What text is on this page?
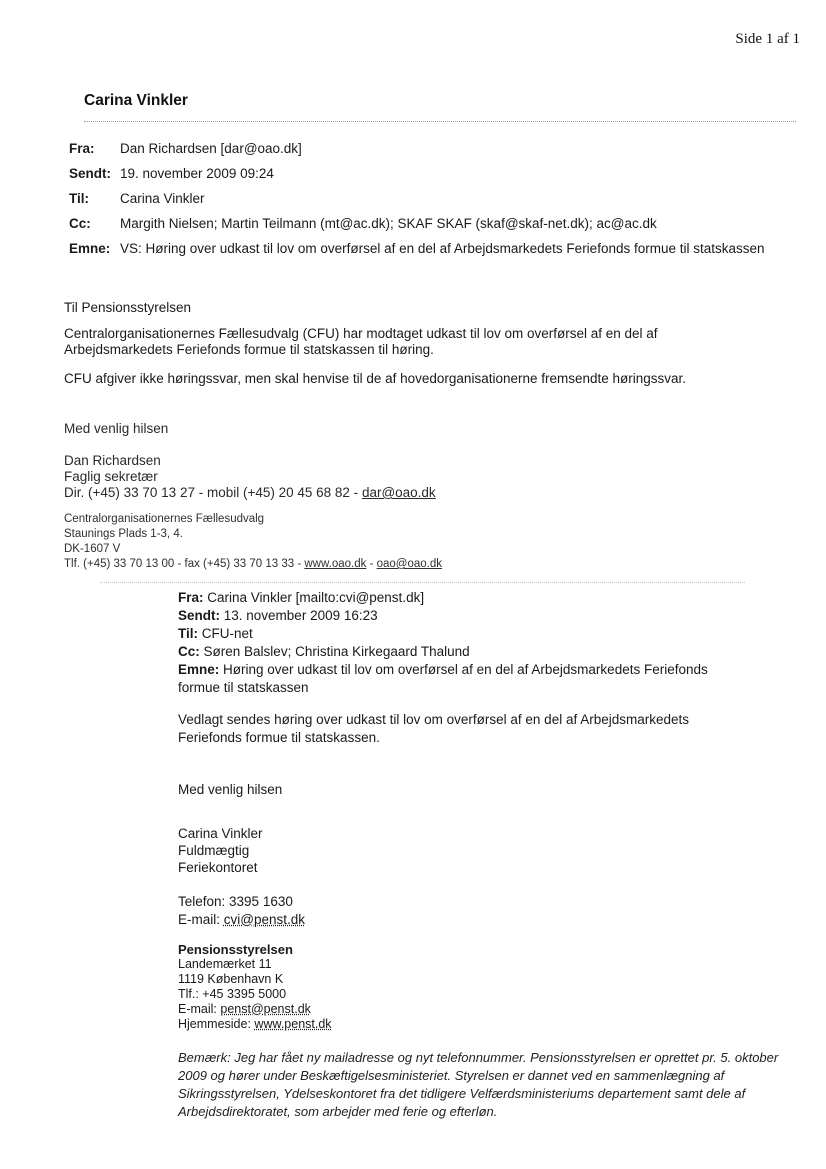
Side 1 af 1
Carina Vinkler
Fra:	Dan Richardsen [dar@oao.dk]
Sendt: 19. november 2009 09:24
Til:	Carina Vinkler
Cc:	Margith Nielsen; Martin Teilmann (mt@ac.dk); SKAF SKAF (skaf@skaf-net.dk); ac@ac.dk
Emne: VS: Høring over udkast til lov om overførsel af en del af Arbejdsmarkedets Feriefonds formue til statskassen

Til Pensionsstyrelsen

Centralorganisationernes Fællesudvalg (CFU) har modtaget udkast til lov om overførsel af en del af Arbejdsmarkedets Feriefonds formue til statskassen til høring.

CFU afgiver ikke høringssvar, men skal henvise til de af hovedorganisationerne fremsendte høringssvar.

Med venlig hilsen

Dan Richardsen

Faglig sekretær

Dir. (+45) 33 70 13 27 - mobil (+45) 20 45 68 82 - dar@oao.dk

Centralorganisationernes Fællesudvalg

Staunings Plads 1-3, 4.

DK-1607 V

Tlf. (+45) 33 70 13 00 - fax (+45) 33 70 13 33 - www.oao.dk - oao@oao.dk

Fra: Carina Vinkler [mailto:cvi@penst.dk]

Sendt: 13. november 2009 16:23

Til: CFU-net

Cc: Søren Balslev; Christina Kirkegaard Thalund

Emne: Høring over udkast til lov om overførsel af en del af Arbejdsmarkedets Feriefonds formue til statskassen

Vedlagt sendes høring over udkast til lov om overførsel af en del af Arbejdsmarkedets Feriefonds formue til statskassen.

Med venlig hilsen

Carina Vinkler

Fuldmægtig

Feriekontoret

Telefon: 3395 1630

E-mail: cvi@penst.dk

Pensionsstyrelsen

Landemærket 11

1119 København K

Tlf.: +45 3395 5000

E-mail: penst@penst.dk

Hjemmeside: www.penst.dk

Bemærk: Jeg har fået ny mailadresse og nyt telefonnummer. Pensionsstyrelsen er oprettet pr. 5. oktober 2009 og hører under Beskæftigelsesministeriet. Styrelsen er dannet ved en sammenlægning af Sikringsstyrelsen, Ydelseskontoret fra det tidligere Velfærdsministeriums departement samt dele af Arbejdsdirektoratet, som arbejder med ferie og efterløn.
